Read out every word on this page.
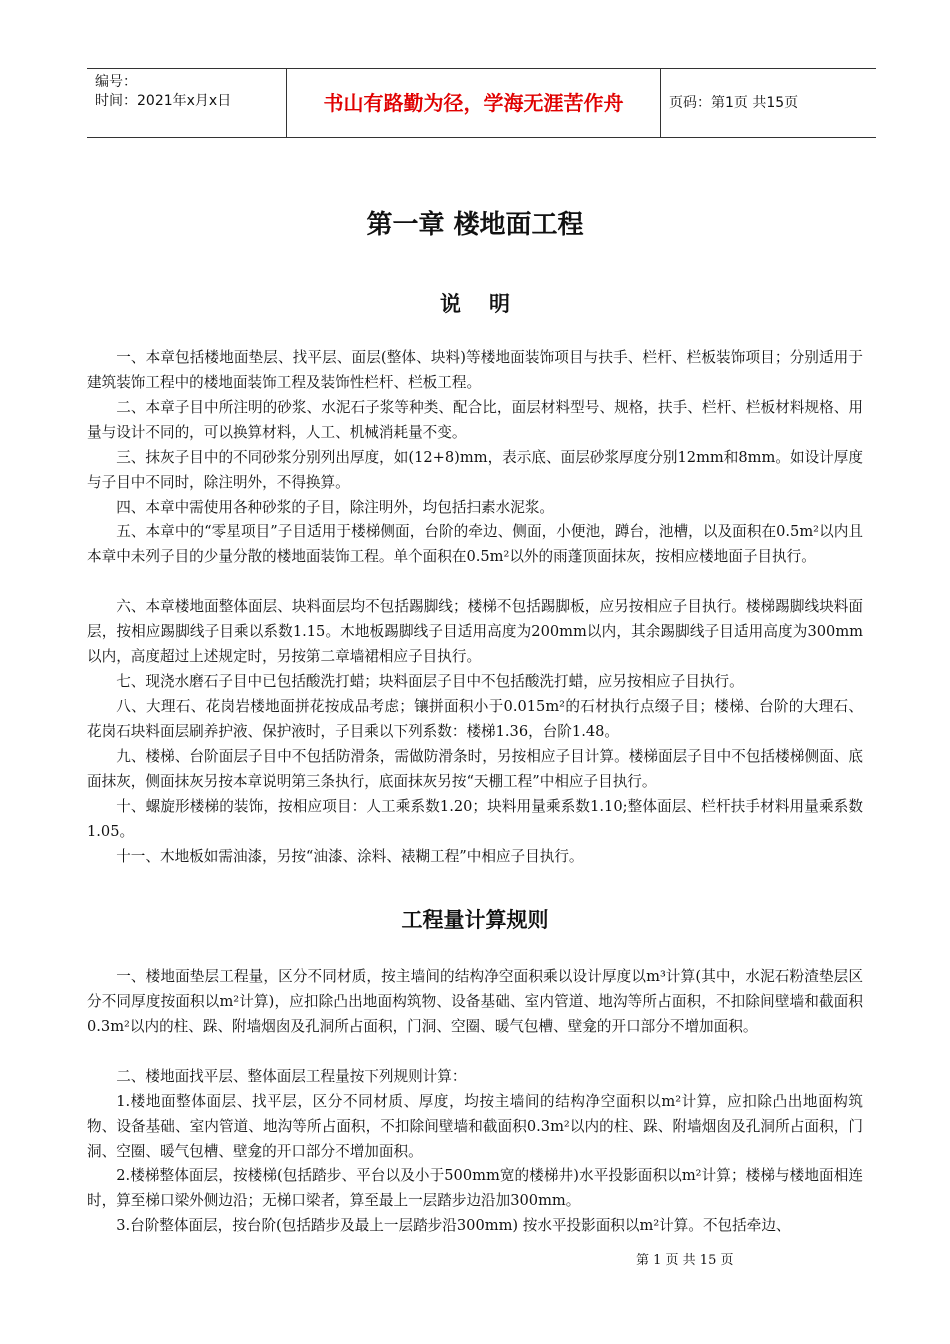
编号：
时间：2021年x月x日	书山有路勤为径，学海无涯苦作舟	页码：第1页 共15页
第一章 楼地面工程
说明

一、本章包括楼地面垫层、找平层、面层(整体、块料)等楼地面装饰项目与扶手、栏杆、栏板装饰项目；分别适用于建筑装饰工程中的楼地面装饰工程及装饰性栏杆、栏板工程。

二、本章子目中所注明的砂浆、水泥石子浆等种类、配合比，面层材料型号、规格，扶手、栏杆、栏板材料规格、用量与设计不同的，可以换算材料，人工、机械消耗量不变。

三、抹灰子目中的不同砂浆分别列出厚度，如(12+8)mm，表示底、面层砂浆厚度分别12mm和8mm。如设计厚度与子目中不同时，除注明外，不得换算。

四、本章中需使用各种砂浆的子目，除注明外，均包括扫素水泥浆。

五、本章中的“零星项目”子目适用于楼梯侧面，台阶的牵边、侧面，小便池，蹲台，池槽，以及面积在0.5m²以内且本章中未列子目的少量分散的楼地面装饰工程。单个面积在0.5m²以外的雨蓬顶面抹灰，按相应楼地面子目执行。

六、本章楼地面整体面层、块料面层均不包括踢脚线；楼梯不包括踢脚板，应另按相应子目执行。楼梯踢脚线块料面层，按相应踢脚线子目乘以系数1.15。木地板踢脚线子目适用高度为200mm以内，其余踢脚线子目适用高度为300mm以内，高度超过上述规定时，另按第二章墙裙相应子目执行。

七、现浇水磨石子目中已包括酸洗打蜡；块料面层子目中不包括酸洗打蜡，应另按相应子目执行。

八、大理石、花岗岩楼地面拼花按成品考虑；镶拼面积小于0.015m²的石材执行点缀子目；楼梯、台阶的大理石、花岗石块料面层刷养护液、保护液时，子目乘以下列系数：楼梯1.36，台阶1.48。

九、楼梯、台阶面层子目中不包括防滑条，需做防滑条时，另按相应子目计算。楼梯面层子目中不包括楼梯侧面、底面抹灰，侧面抹灰另按本章说明第三条执行，底面抹灰另按“天棚工程”中相应子目执行。

十、螺旋形楼梯的装饰，按相应项目：人工乘系数1.20；块料用量乘系数1.10;整体面层、栏杆扶手材料用量乘系数1.05。

十一、木地板如需油漆，另按“油漆、涂料、裱糊工程”中相应子目执行。

工程量计算规则

一、楼地面垫层工程量，区分不同材质，按主墙间的结构净空面积乘以设计厚度以m³计算(其中，水泥石粉渣垫层区分不同厚度按面积以m²计算)，应扣除凸出地面构筑物、设备基础、室内管道、地沟等所占面积，不扣除间壁墙和截面积0.3m²以内的柱、跺、附墙烟囱及孔洞所占面积，门洞、空圈、暖气包槽、壁龛的开口部分不增加面积。

二、楼地面找平层、整体面层工程量按下列规则计算：

1.楼地面整体面层、找平层，区分不同材质、厚度，均按主墙间的结构净空面积以m²计算，应扣除凸出地面构筑物、设备基础、室内管道、地沟等所占面积，不扣除间壁墙和截面积0.3m²以内的柱、跺、附墙烟囱及孔洞所占面积，门洞、空圈、暖气包槽、壁龛的开口部分不增加面积。

2.楼梯整体面层，按楼梯(包括踏步、平台以及小于500mm宽的楼梯井)水平投影面积以m²计算；楼梯与楼地面相连时，算至梯口梁外侧边沿；无梯口梁者，算至最上一层踏步边沿加300mm。

3.台阶整体面层，按台阶(包括踏步及最上一层踏步沿300mm) 按水平投影面积以m²计算。不包括牵边、

第 1 页 共 15 页
